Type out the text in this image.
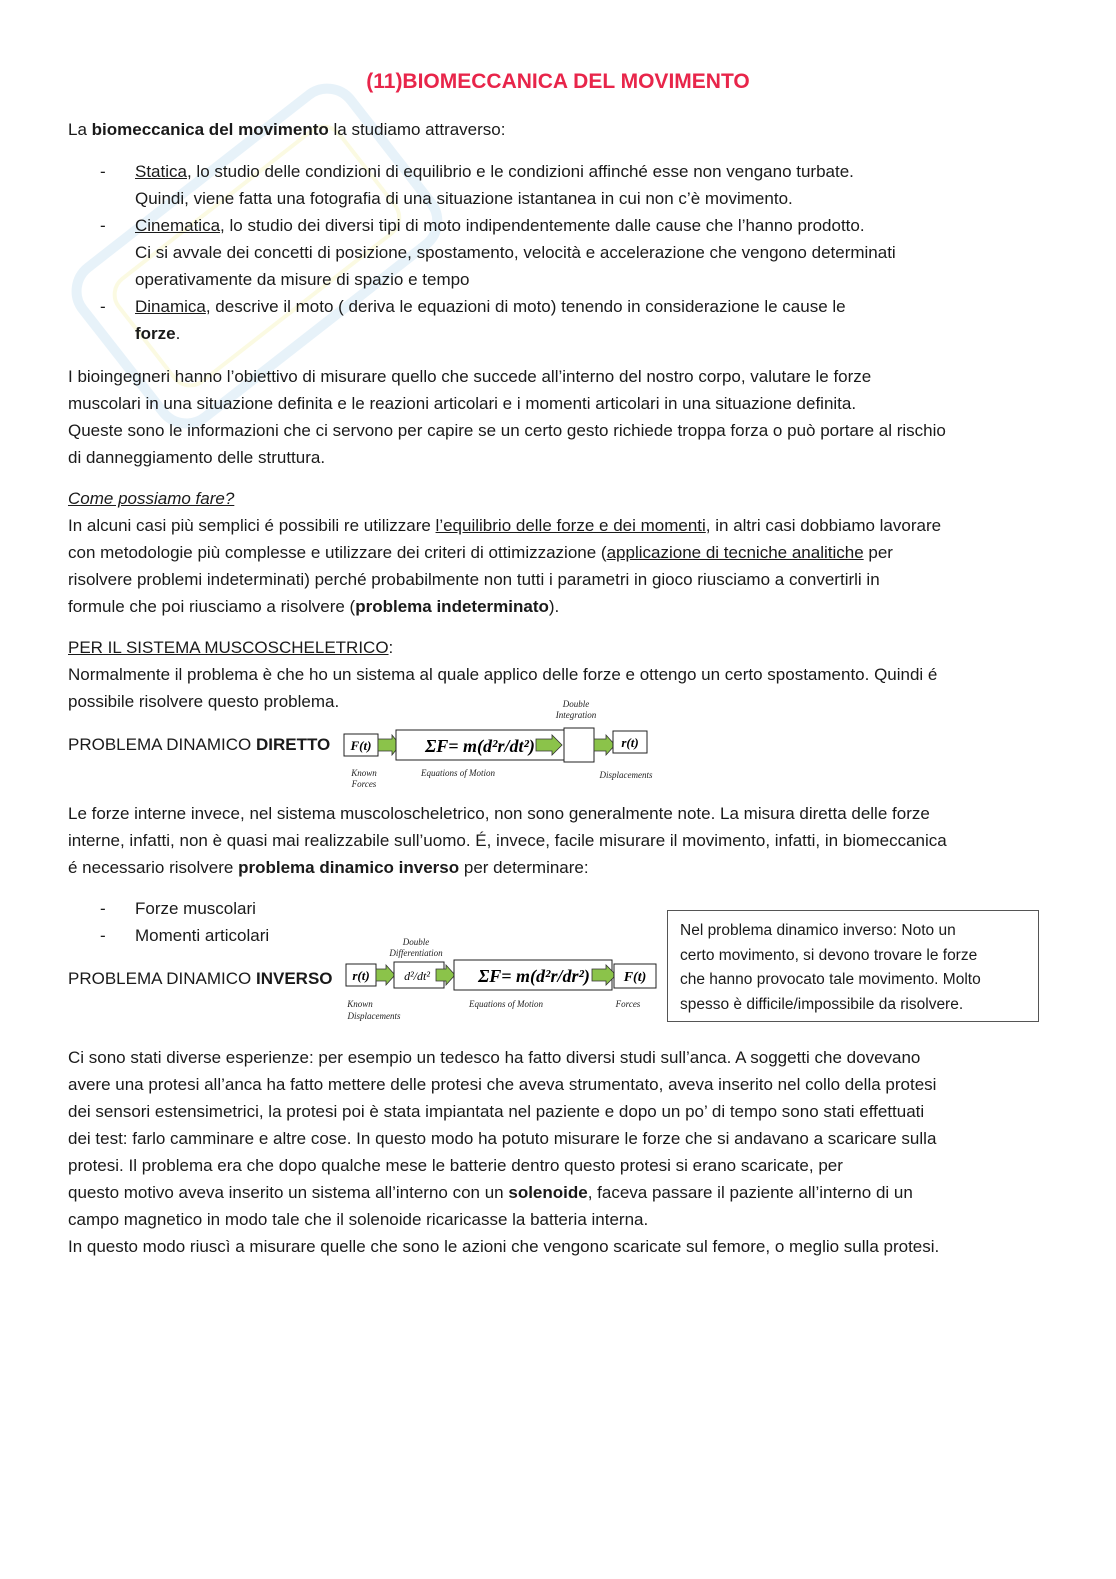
(11)BIOMECCANICA DEL MOVIMENTO
La biomeccanica del movimento la studiamo attraverso:
- Statica, lo studio delle condizioni di equilibrio e le condizioni affinché esse non vengano turbate.
Quindi, viene fatta una fotografia di una situazione istantanea in cui non c’è movimento.
- Cinematica, lo studio dei diversi tipi di moto indipendentemente dalle cause che l’hanno prodotto.
Ci si avvale dei concetti di posizione, spostamento, velocità e accelerazione che vengono determinati
operativamente da misure di spazio e tempo
- Dinamica, descrive il moto ( deriva le equazioni di moto) tenendo in considerazione le cause le
forze.
I bioingegneri hanno l’obiettivo di misurare quello che succede all’interno del nostro corpo, valutare le forze
muscolari in una situazione definita e le reazioni articolari e i momenti articolari in una situazione definita.
Queste sono le informazioni che ci servono per capire se un certo gesto richiede troppa forza o può portare al rischio
di danneggiamento delle struttura.
Come possiamo fare?
In alcuni casi più semplici é possibili re utilizzare l’equilibrio delle forze e dei momenti, in altri casi dobbiamo lavorare
con metodologie più complesse e utilizzare dei criteri di ottimizzazione (applicazione di tecniche analitiche per
risolvere problemi indeterminati) perché probabilmente non tutti i parametri in gioco riusciamo a convertirli in
formule che poi riusciamo a risolvere (problema indeterminato).
PER IL SISTEMA MUSCOSCHELETRICO:
Normalmente il problema è che ho un sistema al quale applico delle forze e ottengo un certo spostamento. Quindi é
possibile risolvere questo problema.
PROBLEMA DINAMICO DIRETTO
Double
Integration
F(t)	ΣF= m(d²r/dt²)	r(t)
Known
Forces
Equations of Motion	Displacements
Le forze interne invece, nel sistema muscoloscheletrico, non sono generalmente note. La misura diretta delle forze
interne, infatti, non è quasi mai realizzabile sull’uomo. É, invece, facile misurare il movimento, infatti, in biomeccanica
é necessario risolvere problema dinamico inverso per determinare:
- Forze muscolari
- Momenti articolari
PROBLEMA DINAMICO INVERSO
Double
Differentiation
r(t)	d²/dt²	ΣF= m(d²r/dr²) F(t)
Known
Displacements
Equations of Motion	Forces
Nel problema dinamico inverso: Noto un
certo movimento, si devono trovare le forze
che hanno provocato tale movimento. Molto
spesso è difficile/impossibile da risolvere.
Ci sono stati diverse esperienze: per esempio un tedesco ha fatto diversi studi sull’anca. A soggetti che dovevano
avere una protesi all’anca ha fatto mettere delle protesi che aveva strumentato, aveva inserito nel collo della protesi
dei sensori estensimetrici, la protesi poi è stata impiantata nel paziente e dopo un po’ di tempo sono stati effettuati
dei test: farlo camminare e altre cose. In questo modo ha potuto misurare le forze che si andavano a scaricare sulla
protesi. Il problema era che dopo qualche mese le batterie dentro questo protesi si erano scaricate, per
questo motivo aveva inserito un sistema all’interno con un solenoide, faceva passare il paziente all’interno di un
campo magnetico in modo tale che il solenoide ricaricasse la batteria interna.
In questo modo riuscì a misurare quelle che sono le azioni che vengono scaricate sul femore, o meglio sulla protesi.
